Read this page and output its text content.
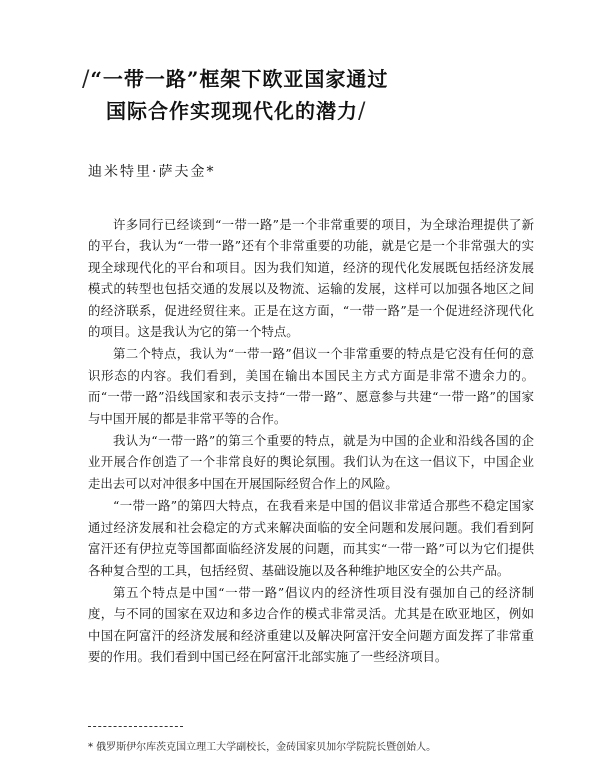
/“一带一路”框架下欧亚国家通过
国际合作实现现代化的潜力/
迪米特里·萨夫金*

许多同行已经谈到“一带一路”是一个非常重要的项目，为全球治理提供了新的平台，我认为“一带一路”还有个非常重要的功能，就是它是一个非常强大的实现全球现代化的平台和项目。因为我们知道，经济的现代化发展既包括经济发展模式的转型也包括交通的发展以及物流、运输的发展，这样可以加强各地区之间的经济联系，促进经贸往来。正是在这方面，“一带一路”是一个促进经济现代化的项目。这是我认为它的第一个特点。

第二个特点，我认为“一带一路”倡议一个非常重要的特点是它没有任何的意识形态的内容。我们看到，美国在输出本国民主方式方面是非常不遗余力的。而“一带一路”沿线国家和表示支持“一带一路”、愿意参与共建“一带一路”的国家与中国开展的都是非常平等的合作。

我认为“一带一路”的第三个重要的特点，就是为中国的企业和沿线各国的企业开展合作创造了一个非常良好的舆论氛围。我们认为在这一倡议下，中国企业走出去可以对冲很多中国在开展国际经贸合作上的风险。

“一带一路”的第四大特点，在我看来是中国的倡议非常适合那些不稳定国家通过经济发展和社会稳定的方式来解决面临的安全问题和发展问题。我们看到阿富汗还有伊拉克等国都面临经济发展的问题，而其实“一带一路”可以为它们提供各种复合型的工具，包括经贸、基础设施以及各种维护地区安全的公共产品。

第五个特点是中国“一带一路”倡议内的经济性项目没有强加自己的经济制度，与不同的国家在双边和多边合作的模式非常灵活。尤其是在欧亚地区，例如中国在阿富汗的经济发展和经济重建以及解决阿富汗安全问题方面发挥了非常重要的作用。我们看到中国已经在阿富汗北部实施了一些经济项目。

* 俄罗斯伊尔库茨克国立理工大学副校长，金砖国家贝加尔学院院长暨创始人。
